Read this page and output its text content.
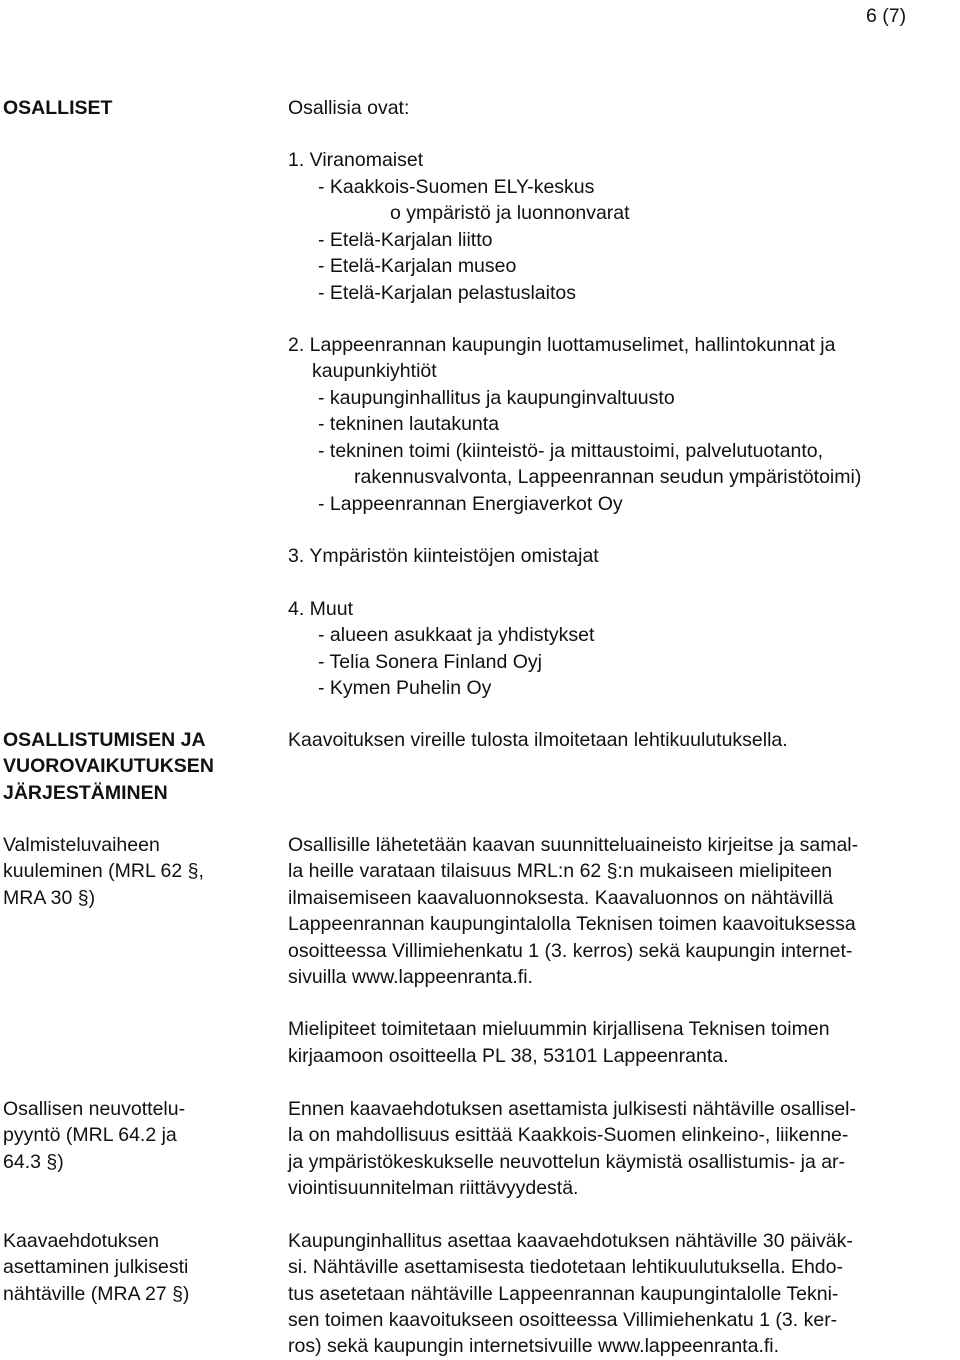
6 (7)
OSALLISET	Osallisia ovat:
1. Viranomaiset
- Kaakkois-Suomen ELY-keskus
o ympäristö ja luonnonvarat
- Etelä-Karjalan liitto
- Etelä-Karjalan museo
- Etelä-Karjalan pelastuslaitos
2. Lappeenrannan kaupungin luottamuselimet, hallintokunnat ja
kaupunkiyhtiöt
- kaupunginhallitus ja kaupunginvaltuusto
- tekninen lautakunta
- tekninen toimi (kiinteistö- ja mittaustoimi, palvelutuotanto,
rakennusvalvonta, Lappeenrannan seudun ympäristötoimi)
- Lappeenrannan Energiaverkot Oy
3. Ympäristön kiinteistöjen omistajat
4. Muut
- alueen asukkaat ja yhdistykset
- Telia Sonera Finland Oyj
- Kymen Puhelin Oy
OSALLISTUMISEN JA
VUOROVAIKUTUKSEN
JÄRJESTÄMINEN
Kaavoituksen vireille tulosta ilmoitetaan lehtikuulutuksella.
Valmisteluvaiheen
kuuleminen (MRL 62 §,
MRA 30 §)
Osallisille lähetetään kaavan suunnitteluaineisto kirjeitse ja samal-
la heille varataan tilaisuus MRL:n 62 §:n mukaiseen mielipiteen
ilmaisemiseen kaavaluonnoksesta. Kaavaluonnos on nähtävillä
Lappeenrannan kaupungintalolla Teknisen toimen kaavoituksessa
osoitteessa Villimiehenkatu 1 (3. kerros) sekä kaupungin internet-
sivuilla www.lappeenranta.fi.
Mielipiteet toimitetaan mieluummin kirjallisena Teknisen toimen
kirjaamoon osoitteella PL 38, 53101 Lappeenranta.
Osallisen neuvottelu-
pyyntö (MRL 64.2 ja
64.3 §)
Ennen kaavaehdotuksen asettamista julkisesti nähtäville osallisel-
la on mahdollisuus esittää Kaakkois-Suomen elinkeino-, liikenne-
ja ympäristökeskukselle neuvottelun käymistä osallistumis- ja ar-
viointisuunnitelman riittävyydestä.
Kaavaehdotuksen
asettaminen julkisesti
nähtäville (MRA 27 §)
Kaupunginhallitus asettaa kaavaehdotuksen nähtäville 30 päiväk-
si. Nähtäville asettamisesta tiedotetaan lehtikuulutuksella. Ehdo-
tus asetetaan nähtäville Lappeenrannan kaupungintalolle Tekni-
sen toimen kaavoitukseen osoitteessa Villimiehenkatu 1 (3. ker-
ros) sekä kaupungin internetsivuille www.lappeenranta.fi.
